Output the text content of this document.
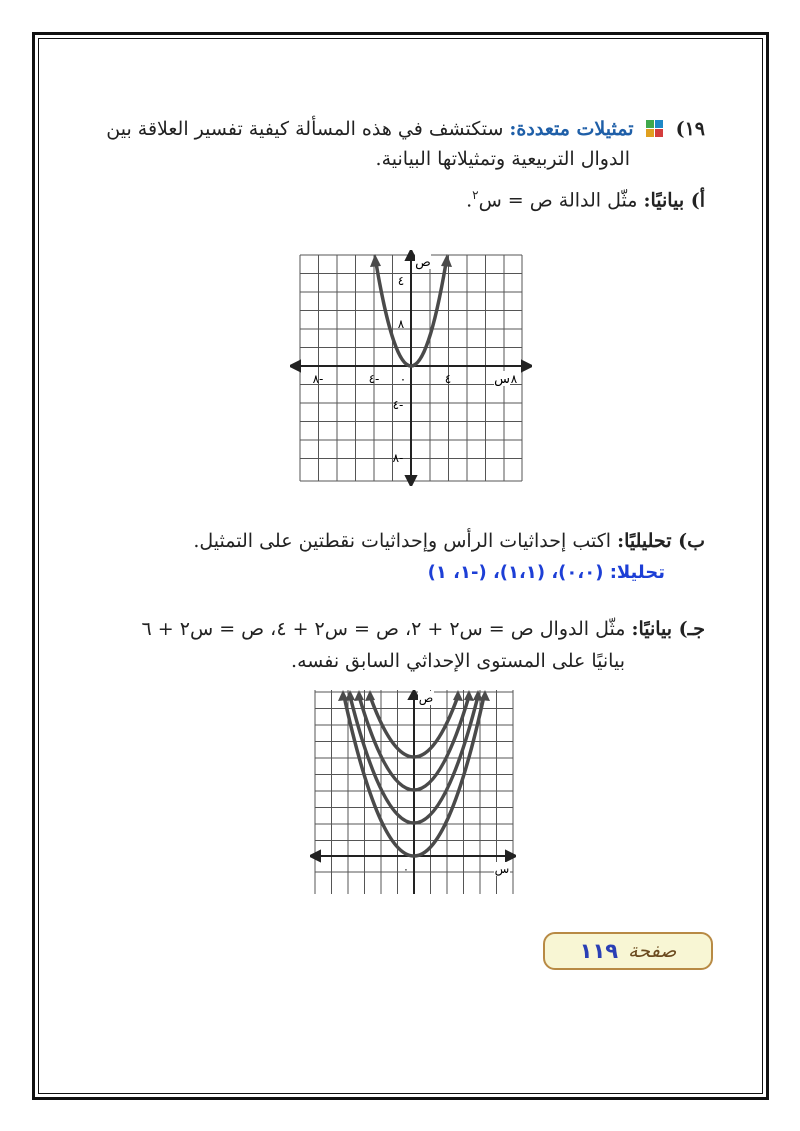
١٩)  تمثيلات متعددة: ستكتشف في هذه المسألة كيفية تفسير العلاقة بين
الدوال التربيعية وتمثيلاتها البيانية.
أ) بيانيًا: مثّل الدالة ص = س$^٢$.
ص
س ٨
٤
٠
٤-
٨-
٤
٨
٤-
٨-
ب) تحليليًا: اكتب إحداثيات الرأس وإحداثيات نقطتين على التمثيل.
تحليلا: (٠،٠)، (١،١)، (-١، ١)
جـ) بيانيًا: مثّل الدوال ص = س٢ + ٢، ص = س٢ + ٤، ص = س٢ + ٦
بيانيًا على المستوى الإحداثي السابق نفسه.
ص
س
٠
صفحة
١١٩
